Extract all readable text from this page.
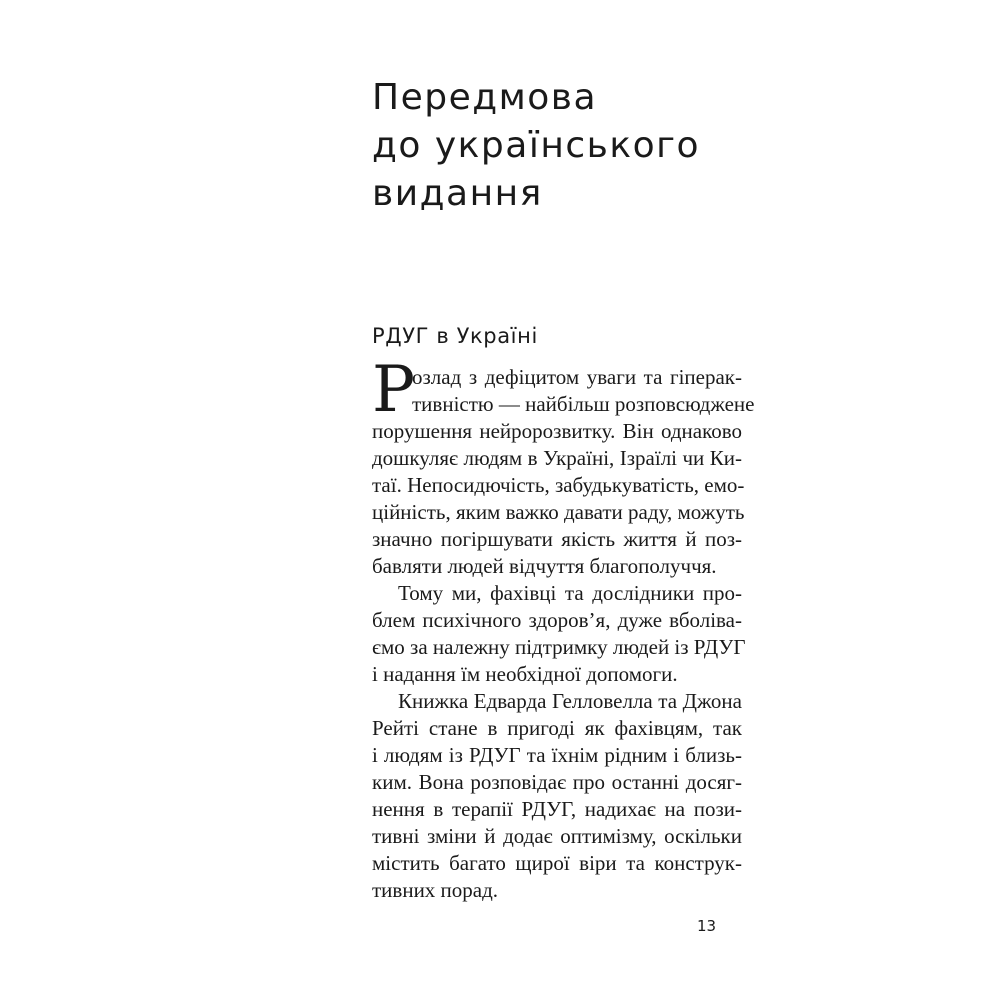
Передмова
до українського
видання
РДУГ в Україні
Р
озлад з дефіцитом уваги та гіперак-
тивністю — найбільш розповсюджене
порушення нейророзвитку. Він однаково
дошкуляє людям в Україні, Ізраїлі чи Ки-
таї. Непосидючість, забудькуватість, емо-
ційність, яким важко давати раду, можуть
значно погіршувати якість життя й поз-
бавляти людей відчуття благополуччя.
Тому ми, фахівці та дослідники про-
блем психічного здоров’я, дуже вболіва-
ємо за належну підтримку людей із РДУГ
і надання їм необхідної допомоги.
Книжка Едварда Гелловелла та Джона
Рейті стане в пригоді як фахівцям, так
і людям із РДУГ та їхнім рідним і близь-
ким. Вона розповідає про останні досяг-
нення в терапії РДУГ, надихає на пози-
тивні зміни й додає оптимізму, оскільки
містить багато щирої віри та конструк-
тивних порад.
13
